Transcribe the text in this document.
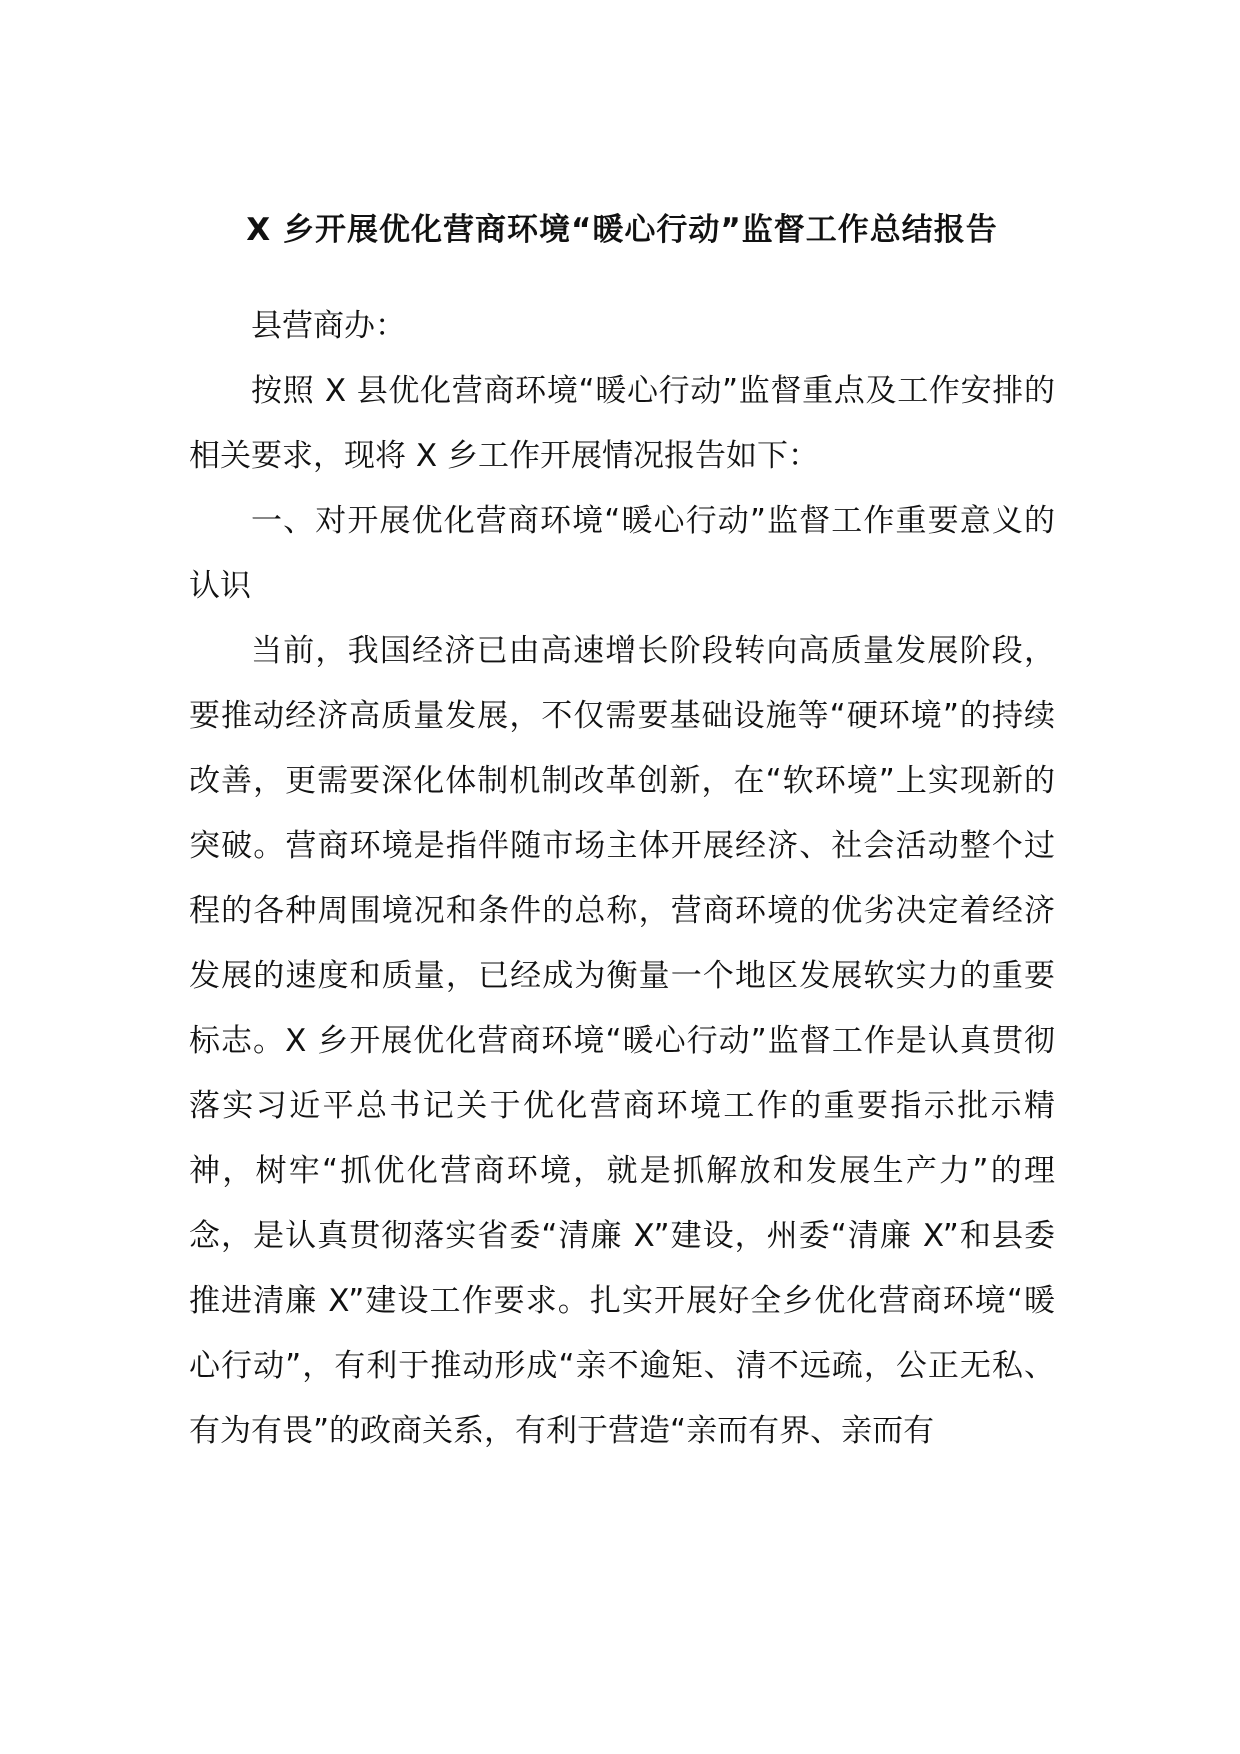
X 乡开展优化营商环境“暖心行动”监督工作总结报告

县营商办：

按照 X 县优化营商环境“暖心行动”监督重点及工作安排的相关要求，现将 X 乡工作开展情况报告如下：

一、对开展优化营商环境“暖心行动”监督工作重要意义的认识

当前，我国经济已由高速增长阶段转向高质量发展阶段，要推动经济高质量发展，不仅需要基础设施等“硬环境”的持续改善，更需要深化体制机制改革创新，在“软环境”上实现新的突破。营商环境是指伴随市场主体开展经济、社会活动整个过程的各种周围境况和条件的总称，营商环境的优劣决定着经济发展的速度和质量，已经成为衡量一个地区发展软实力的重要标志。X 乡开展优化营商环境“暖心行动”监督工作是认真贯彻落实习近平总书记关于优化营商环境工作的重要指示批示精神，树牢“抓优化营商环境，就是抓解放和发展生产力”的理念，是认真贯彻落实省委“清廉 X”建设，州委“清廉 X”和县委推进清廉 X”建设工作要求。扎实开展好全乡优化营商环境“暖心行动”，有利于推动形成“亲不逾矩、清不远疏，公正无私、有为有畏”的政商关系，有利于营造“亲而有界、亲而有
